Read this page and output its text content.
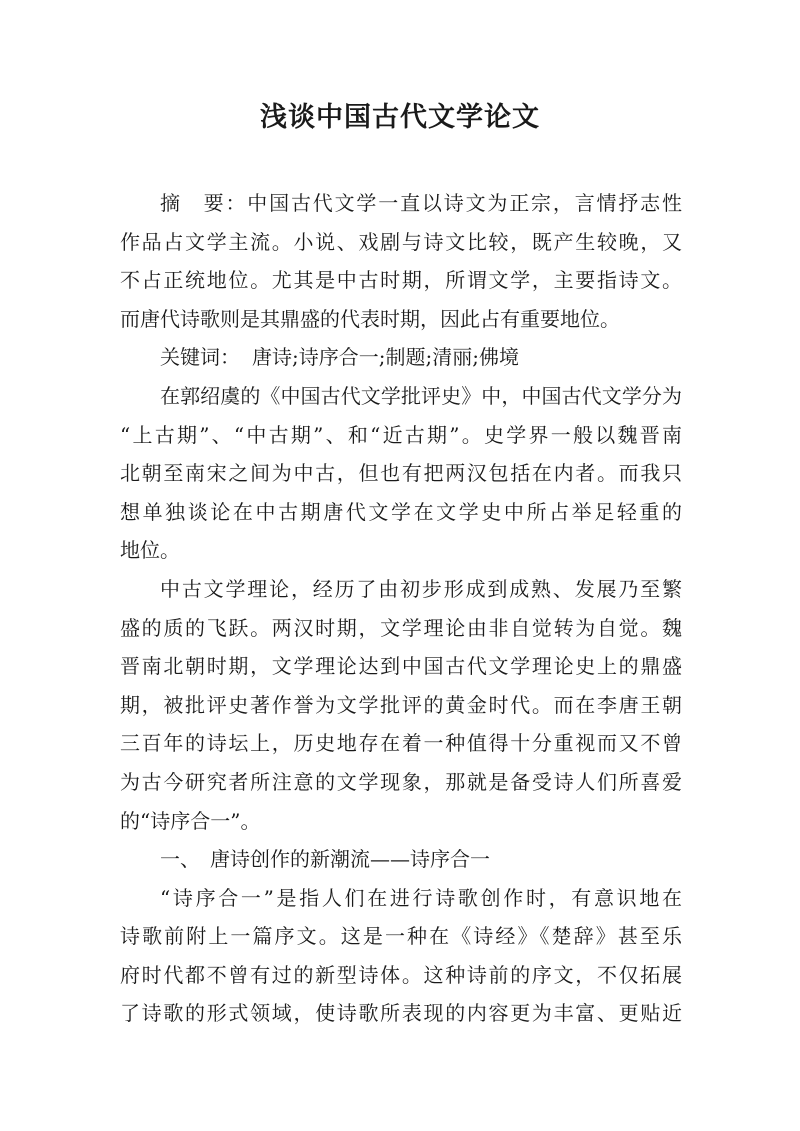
浅谈中国古代文学论文
摘　要：中国古代文学一直以诗文为正宗，言情抒志性
作品占文学主流。小说、戏剧与诗文比较，既产生较晚，又
不占正统地位。尤其是中古时期，所谓文学，主要指诗文。
而唐代诗歌则是其鼎盛的代表时期，因此占有重要地位。
关键词： 唐诗;诗序合一;制题;清丽;佛境
在郭绍虞的《中国古代文学批评史》中，中国古代文学分为
“上古期”、“中古期”、和“近古期”。史学界一般以魏晋南
北朝至南宋之间为中古，但也有把两汉包括在内者。而我只
想单独谈论在中古期唐代文学在文学史中所占举足轻重的
地位。
中古文学理论，经历了由初步形成到成熟、发展乃至繁
盛的质的飞跃。两汉时期，文学理论由非自觉转为自觉。魏
晋南北朝时期，文学理论达到中国古代文学理论史上的鼎盛
期，被批评史著作誉为文学批评的黄金时代。而在李唐王朝
三百年的诗坛上，历史地存在着一种值得十分重视而又不曾
为古今研究者所注意的文学现象，那就是备受诗人们所喜爱
的“诗序合一”。
一、　唐诗创作的新潮流——诗序合一
“诗序合一”是指人们在进行诗歌创作时，有意识地在
诗歌前附上一篇序文。这是一种在《诗经》《楚辞》甚至乐
府时代都不曾有过的新型诗体。这种诗前的序文，不仅拓展
了诗歌的形式领域，使诗歌所表现的内容更为丰富、更贴近
